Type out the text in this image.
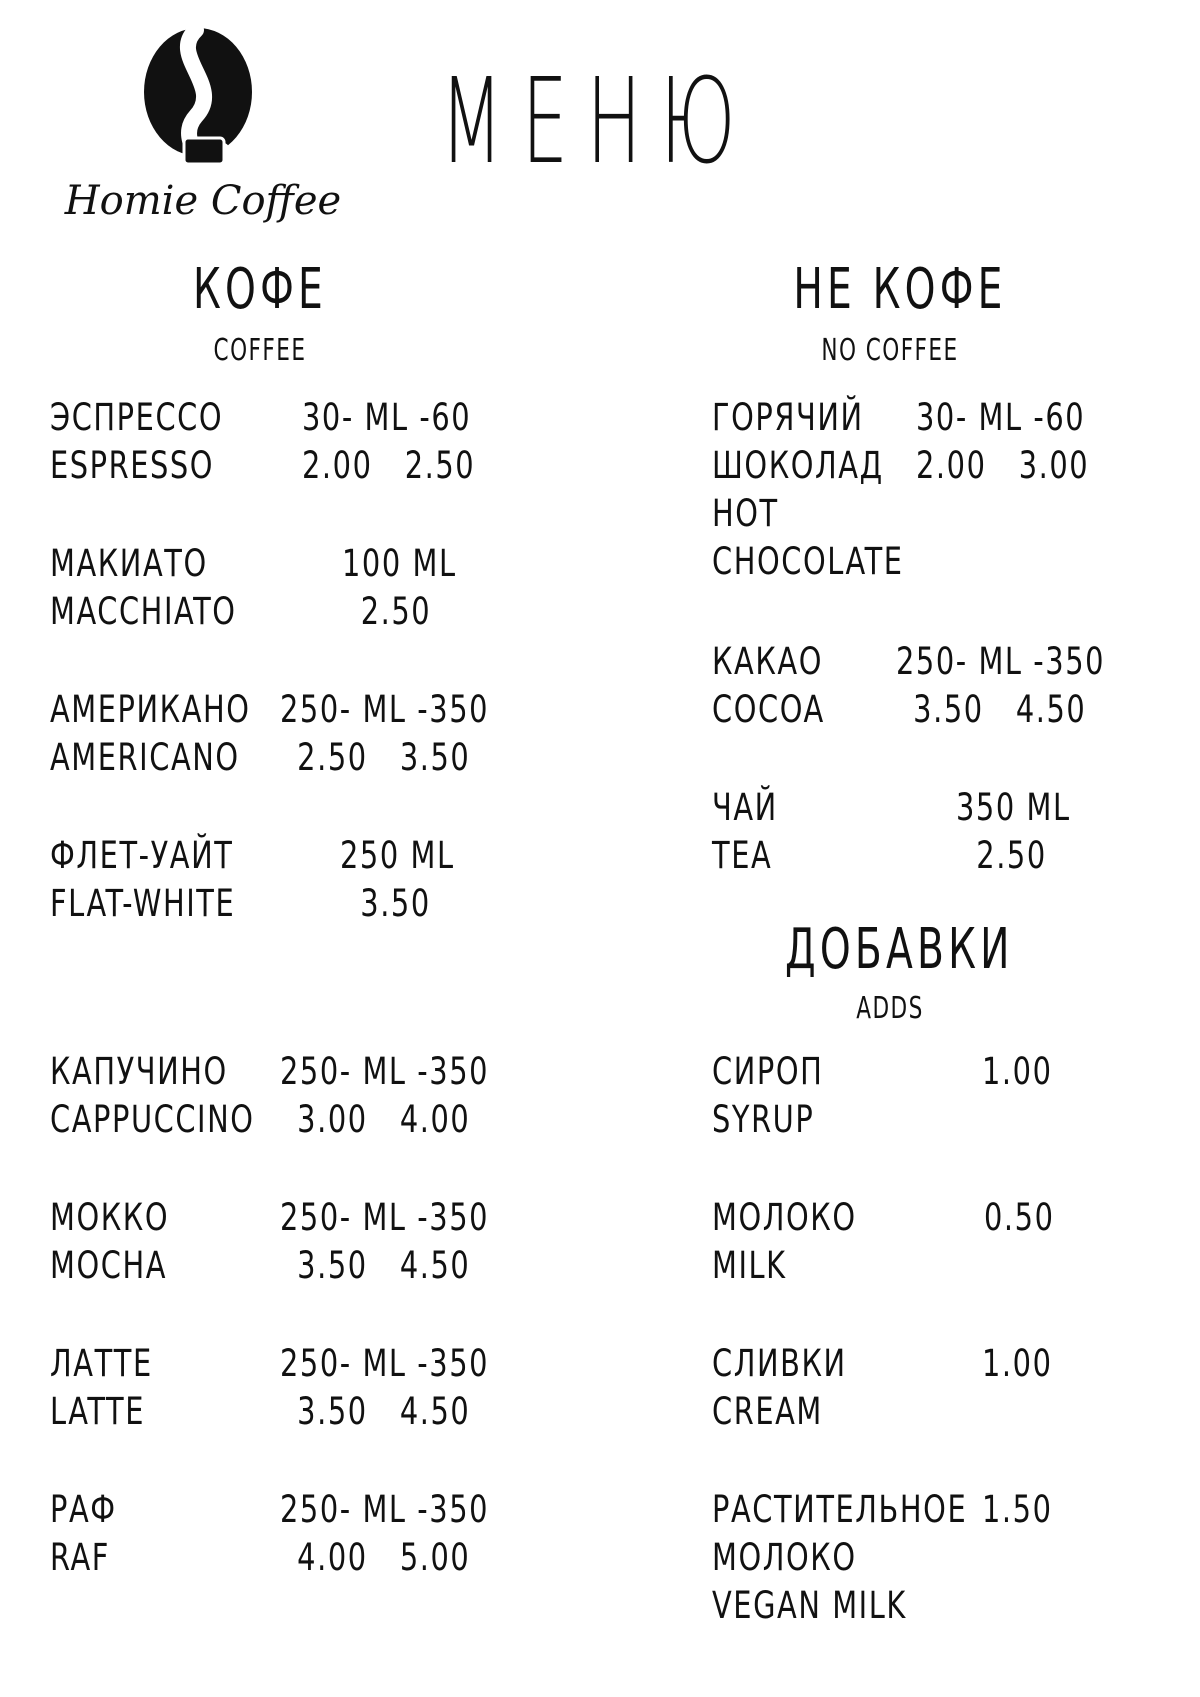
Homie Coffee
МЕНЮ
КОФЕ
COFFEE
НЕ КОФЕ
NO COFFEE
ДОБАВКИ
ADDS
ЭСПРЕССО
ESPRESSO
30- ML -60
2.00   2.50
МАКИАТО
MACCHIATO
100 ML
2.50
АМЕРИКАНО
AMERICANO
250- ML -350
2.50   3.50
ФЛЕТ-УАЙТ
FLAT-WHITE
250 ML
3.50
КАПУЧИНО
CAPPUCCINO
250- ML -350
3.00   4.00
МОККО
MOCHA
250- ML -350
3.50   4.50
ЛАТТЕ
LATTE
250- ML -350
3.50   4.50
РАФ
RAF
250- ML -350
4.00   5.00
ГОРЯЧИЙ
ШОКОЛАД
HOT
CHOCOLATE
30- ML -60
2.00   3.00
КАКАО
COCOA
250- ML -350
3.50   4.50
ЧАЙ
TEA
350 ML
2.50
СИРОП
SYRUP
1.00
МОЛОКО
MILK
0.50
СЛИВКИ
CREAM
1.00
РАСТИТЕЛЬНОЕ
МОЛОКО
VEGAN MILK
1.50
